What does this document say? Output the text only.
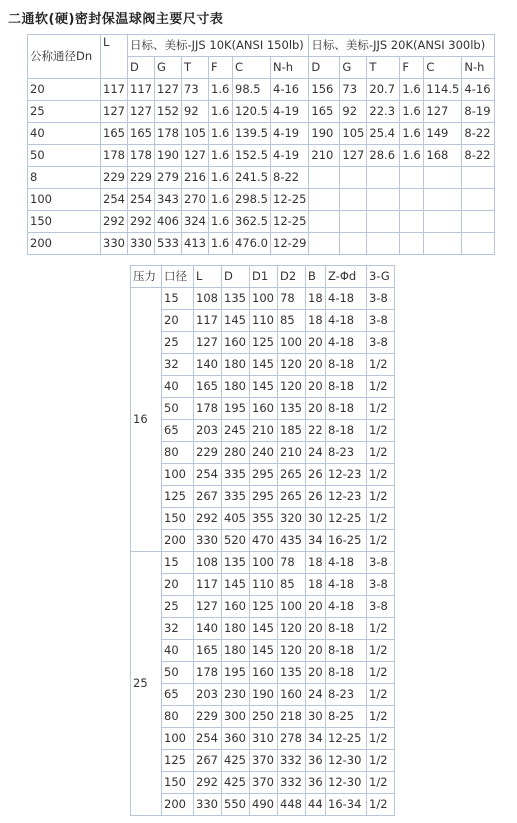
二通软(硬)密封保温球阀主要尺寸表
公称通径Dn	L	日标、美标-JJS 10K(ANSI 150lb)						日标、美标-JJS 20K(ANSI 300lb)					
		D	G	T	F	C	N-h	D	G	T	F	C	N-h
20	117	117	127	73	1.6	98.5	4-16	156	73	20.7	1.6	114.5	4-16
25	127	127	152	92	1.6	120.5	4-19	165	92	22.3	1.6	127	8-19
40	165	165	178	105	1.6	139.5	4-19	190	105	25.4	1.6	149	8-22
50	178	178	190	127	1.6	152.5	4-19	210	127	28.6	1.6	168	8-22
8	229	229	279	216	1.6	241.5	8-22						
100	254	254	343	270	1.6	298.5	12-25						
150	292	292	406	324	1.6	362.5	12-25						
200	330	330	533	413	1.6	476.0	12-29						
压力	口径	L	D	D1	D2	B	Z-Φd	3-G
16	15	108	135	100	78	18	4-18	3-8
	20	117	145	110	85	18	4-18	3-8
	25	127	160	125	100	20	4-18	3-8
	32	140	180	145	120	20	8-18	1/2
	40	165	180	145	120	20	8-18	1/2
	50	178	195	160	135	20	8-18	1/2
	65	203	245	210	185	22	8-18	1/2
	80	229	280	240	210	24	8-23	1/2
	100	254	335	295	265	26	12-23	1/2
	125	267	335	295	265	26	12-23	1/2
	150	292	405	355	320	30	12-25	1/2
	200	330	520	470	435	34	16-25	1/2
25	15	108	135	100	78	18	4-18	3-8
	20	117	145	110	85	18	4-18	3-8
	25	127	160	125	100	20	4-18	3-8
	32	140	180	145	120	20	8-18	1/2
	40	165	180	145	120	20	8-18	1/2
	50	178	195	160	135	20	8-18	1/2
	65	203	230	190	160	24	8-23	1/2
	80	229	300	250	218	30	8-25	1/2
	100	254	360	310	278	34	12-25	1/2
	125	267	425	370	332	36	12-30	1/2
	150	292	425	370	332	36	12-30	1/2
	200	330	550	490	448	44	16-34	1/2
